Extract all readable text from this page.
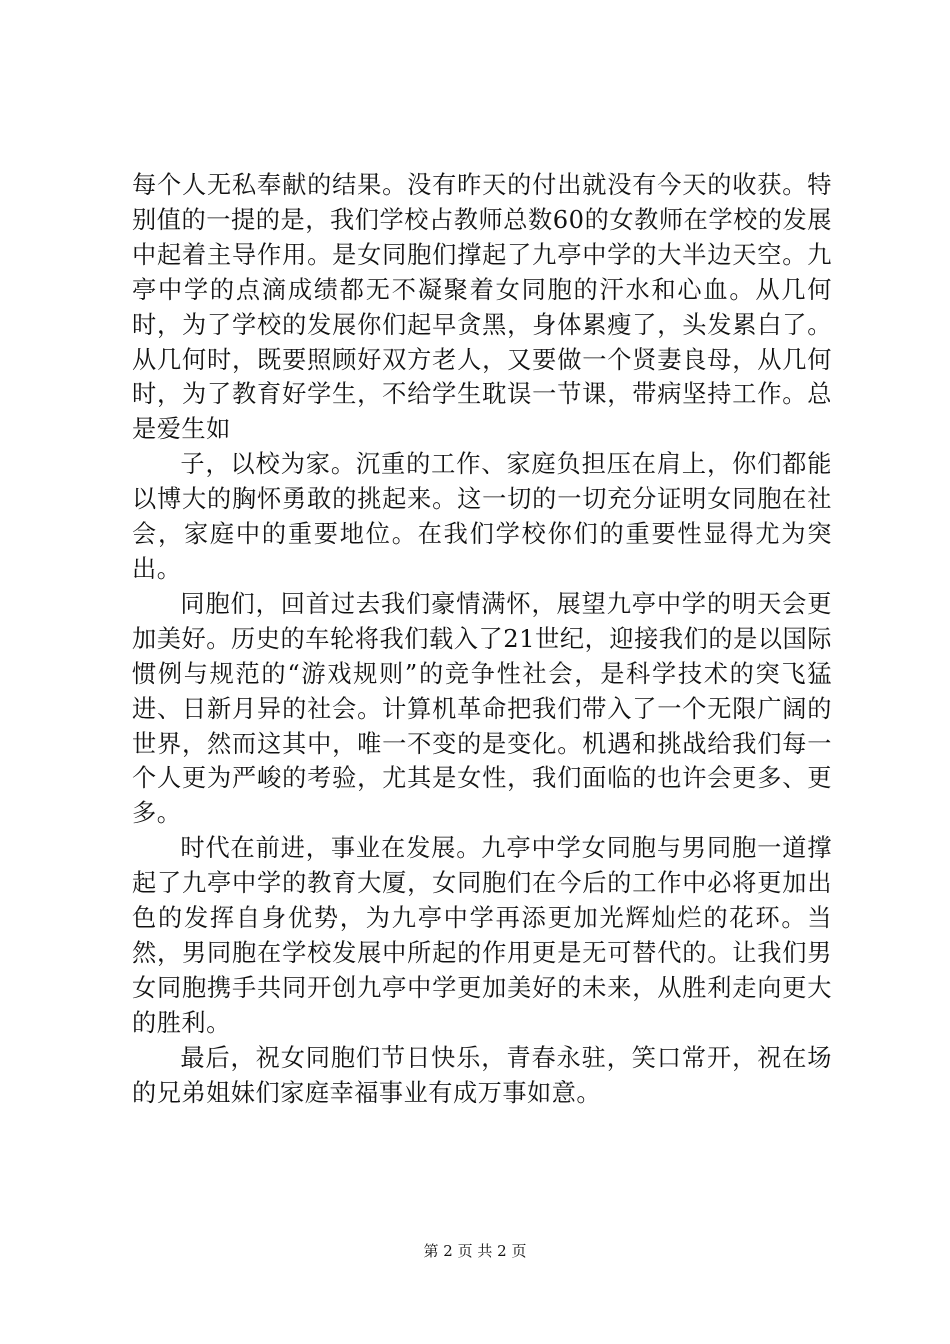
每个人无私奉献的结果。没有昨天的付出就没有今天的收获。特别值的一提的是，我们学校占教师总数60的女教师在学校的发展中起着主导作用。是女同胞们撑起了九亭中学的大半边天空。九亭中学的点滴成绩都无不凝聚着女同胞的汗水和心血。从几何时，为了学校的发展你们起早贪黑，身体累瘦了，头发累白了。从几何时，既要照顾好双方老人，又要做一个贤妻良母，从几何时，为了教育好学生，不给学生耽误一节课，带病坚持工作。总是爱生如

子，以校为家。沉重的工作、家庭负担压在肩上，你们都能以博大的胸怀勇敢的挑起来。这一切的一切充分证明女同胞在社会，家庭中的重要地位。在我们学校你们的重要性显得尤为突出。

同胞们，回首过去我们豪情满怀，展望九亭中学的明天会更加美好。历史的车轮将我们载入了21世纪，迎接我们的是以国际惯例与规范的“游戏规则”的竞争性社会，是科学技术的突飞猛进、日新月异的社会。计算机革命把我们带入了一个无限广阔的世界，然而这其中，唯一不变的是变化。机遇和挑战给我们每一个人更为严峻的考验，尤其是女性，我们面临的也许会更多、更多。

时代在前进，事业在发展。九亭中学女同胞与男同胞一道撑起了九亭中学的教育大厦，女同胞们在今后的工作中必将更加出色的发挥自身优势，为九亭中学再添更加光辉灿烂的花环。当然，男同胞在学校发展中所起的作用更是无可替代的。让我们男女同胞携手共同开创九亭中学更加美好的未来，从胜利走向更大的胜利。

最后，祝女同胞们节日快乐，青春永驻，笑口常开，祝在场的兄弟姐妹们家庭幸福事业有成万事如意。

第 2 页 共 2 页
